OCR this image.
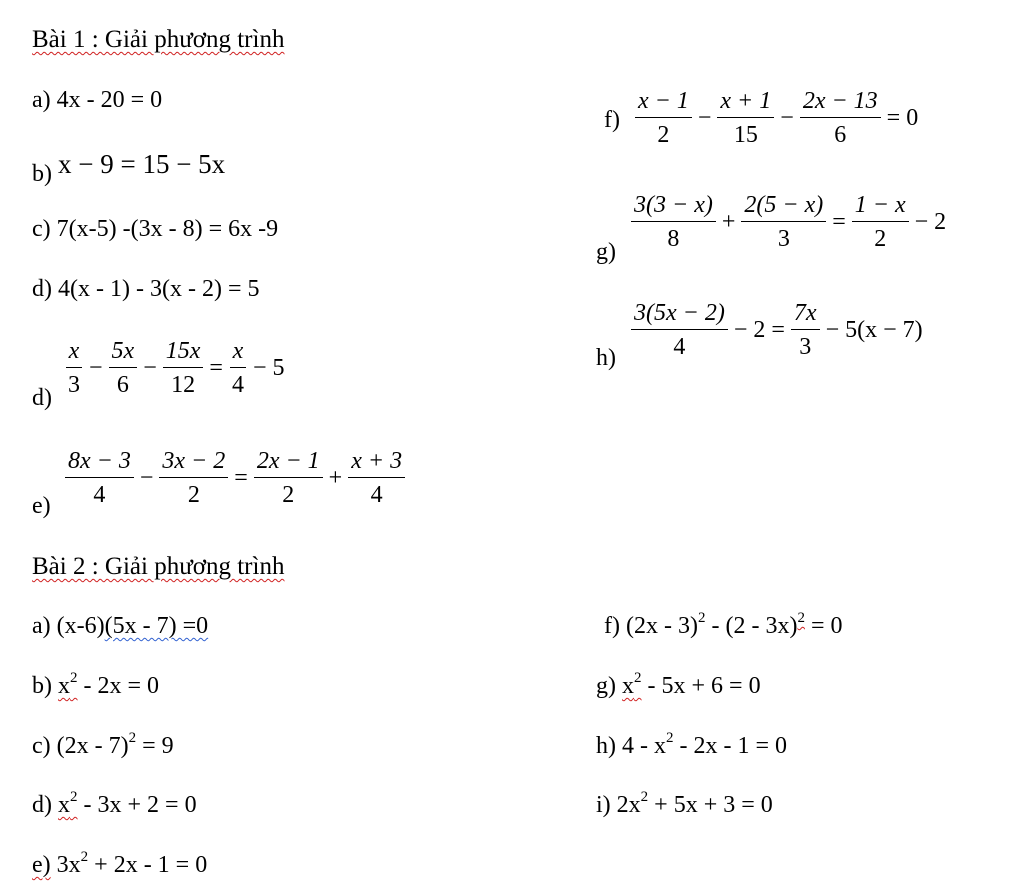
Bài 1 : Giải phương trình
a) 4x - 20 = 0
b) x − 9 = 15 − 5x
c) 7(x-5) -(3x - 8) = 6x -9
d) 4(x - 1) - 3(x - 2) = 5
$d) \frac{x}{3} - \frac{5x}{6} - \frac{15x}{12} = \frac{x}{4} - 5$
$e) \frac{8x - 3}{4} - \frac{3x - 2}{2} = \frac{2x - 1}{2} + \frac{x + 3}{4}$
$f) \frac{x - 1}{2} - \frac{x + 1}{15} - \frac{2x - 13}{6} = 0$
$g) \frac{3(3 - x)}{8} + \frac{2(5 - x)}{3} = \frac{1 - x}{2} - 2$
$h) \frac{3(5x - 2)}{4} - 2 = \frac{7x}{3} - 5(x - 7)$
Bài 2 : Giải phương trình
a) (x-6)(5x - 7) =0
b) $x^2 - 2x = 0$
c) (2x - 7)$^2$ = 9
d) $x^2 - 3x + 2 = 0$
e) $3x^2 + 2x - 1 = 0$
f) (2x - 3)$^2$ - (2 - 3x)$^2$ = 0
g) $x^2 - 5x + 6 = 0$
h) $4 - x^2 - 2x - 1 = 0$
i) $2x^2 + 5x + 3 = 0$
